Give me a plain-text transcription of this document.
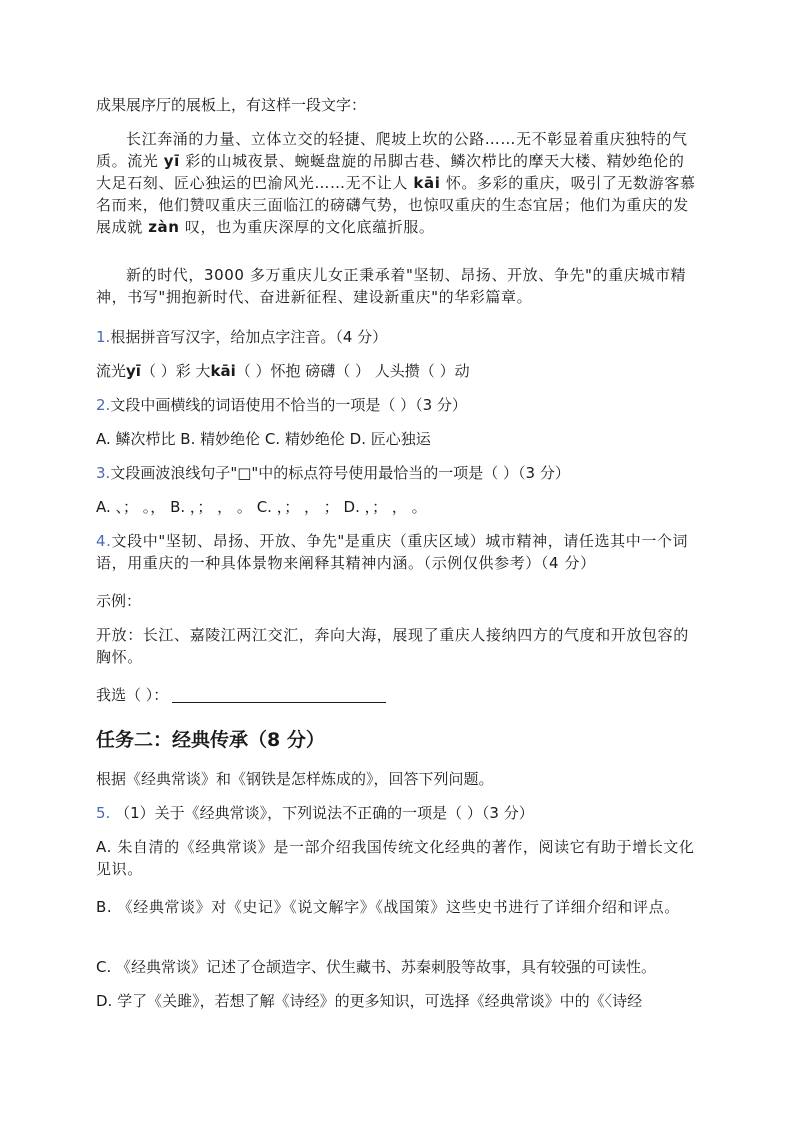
成果展序厅的展板上，有这样一段文字：

长江奔涌的力量、立体立交的轻捷、爬坡上坎的公路……无不彰显着重庆独特的气质。流光 yī 彩的山城夜景、蜿蜒盘旋的吊脚古巷、鳞次栉比的摩天大楼、精妙绝伦的大足石刻、匠心独运的巴渝风光……无不让人 kāi 怀。多彩的重庆，吸引了无数游客慕名而来，他们赞叹重庆三面临江的磅礴气势，也惊叹重庆的生态宜居；他们为重庆的发展成就 zàn 叹，也为重庆深厚的文化底蕴折服。

新的时代，3000 多万重庆儿女正秉承着"坚韧、昂扬、开放、争先"的重庆城市精神，书写"拥抱新时代、奋进新征程、建设新重庆"的华彩篇章。

1.根据拼音写汉字，给加点字注音。（4 分）
流光yī（ ）彩 大kāi（ ）怀抱 磅礴（ ） 人头攒（ ）动
2.文段中画横线的词语使用不恰当的一项是（ ）（3 分）
A. 鳞次栉比 B. 精妙绝伦 C. 精妙绝伦 D. 匠心独运
3.文段画波浪线句子"□"中的标点符号使用最恰当的一项是（ ）（3 分）
A. 、； 。， B. ，； ， 。 C. ，； ， ； D. ，； ， 。

4.文段中"坚韧、昂扬、开放、争先"是重庆（重庆区域）城市精神，请任选其中一个词语，用重庆的一种具体景物来阐释其精神内涵。（示例仅供参考）（4 分）

示例：

开放：长江、嘉陵江两江交汇，奔向大海，展现了重庆人接纳四方的气度和开放包容的胸怀。

我选（ ）：
任务二：经典传承（8 分）
根据《经典常谈》和《钢铁是怎样炼成的》，回答下列问题。
5. （1）关于《经典常谈》，下列说法不正确的一项是（ ）（3 分）

A. 朱自清的《经典常谈》是一部介绍我国传统文化经典的著作，阅读它有助于增长文化见识。

B. 《经典常谈》对《史记》《说文解字》《战国策》这些史书进行了详细介绍和评点。

C. 《经典常谈》记述了仓颉造字、伏生藏书、苏秦刺股等故事，具有较强的可读性。
D. 学了《关雎》，若想了解《诗经》的更多知识，可选择《经典常谈》中的《〈诗经
